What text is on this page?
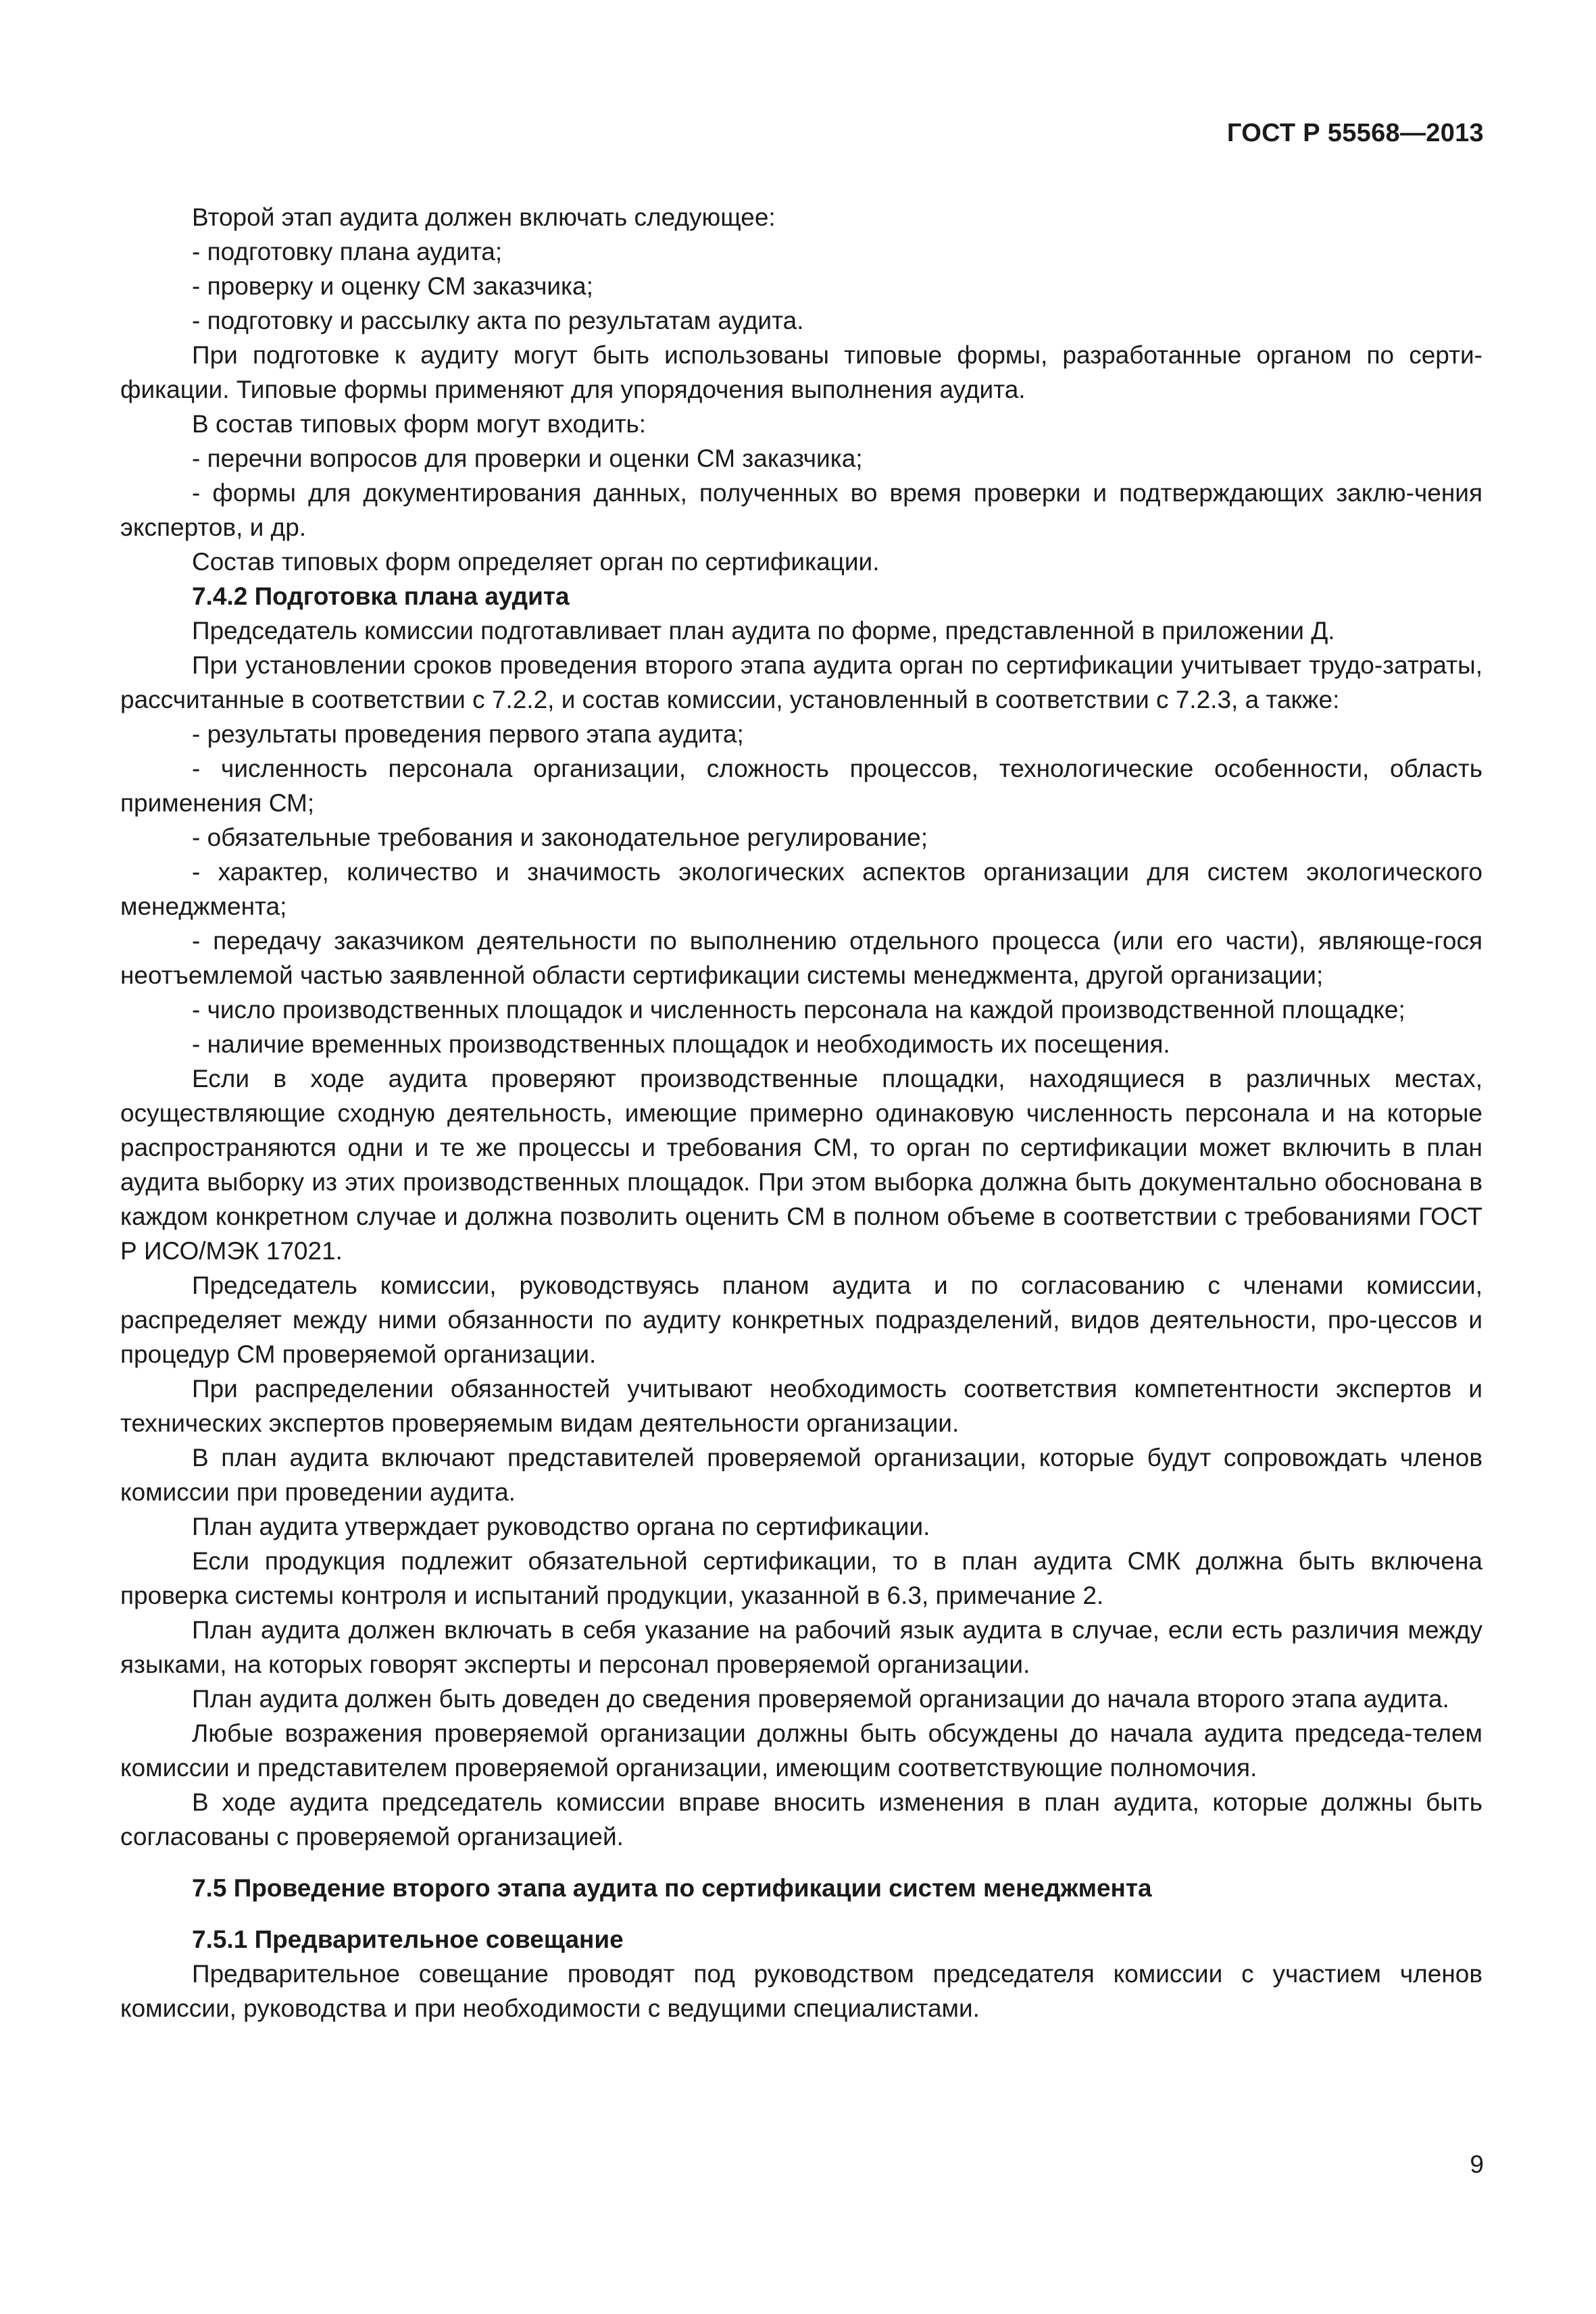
ГОСТ Р 55568—2013

Второй этап аудита должен включать следующее:

- подготовку плана аудита;

- проверку и оценку СМ заказчика;

- подготовку и рассылку акта по результатам аудита.

При подготовке к аудиту могут быть использованы типовые формы, разработанные органом по серти-фикации. Типовые формы применяют для упорядочения выполнения аудита.

В состав типовых форм могут входить:

- перечни вопросов для проверки и оценки СМ заказчика;

- формы для документирования данных, полученных во время проверки и подтверждающих заклю-чения экспертов, и др.

Состав типовых форм определяет орган по сертификации.

7.4.2 Подготовка плана аудита

Председатель комиссии подготавливает план аудита по форме, представленной в приложении Д.

При установлении сроков проведения второго этапа аудита орган по сертификации учитывает трудо-затраты, рассчитанные в соответствии с 7.2.2, и состав комиссии, установленный в соответствии с 7.2.3, а также:

- результаты проведения первого этапа аудита;

- численность персонала организации, сложность процессов, технологические особенности, область применения СМ;

- обязательные требования и законодательное регулирование;

- характер, количество и значимость экологических аспектов организации для систем экологического менеджмента;

- передачу заказчиком деятельности по выполнению отдельного процесса (или его части), являюще-гося неотъемлемой частью заявленной области сертификации системы менеджмента, другой организации;

- число производственных площадок и численность персонала на каждой производственной площадке;

- наличие временных производственных площадок и необходимость их посещения.

Если в ходе аудита проверяют производственные площадки, находящиеся в различных местах, осуществляющие сходную деятельность, имеющие примерно одинаковую численность персонала и на которые распространяются одни и те же процессы и требования СМ, то орган по сертификации может включить в план аудита выборку из этих производственных площадок. При этом выборка должна быть документально обоснована в каждом конкретном случае и должна позволить оценить СМ в полном объеме в соответствии с требованиями ГОСТ Р ИСО/МЭК 17021.

Председатель комиссии, руководствуясь планом аудита и по согласованию с членами комиссии, распределяет между ними обязанности по аудиту конкретных подразделений, видов деятельности, про-цессов и процедур СМ проверяемой организации.

При распределении обязанностей учитывают необходимость соответствия компетентности экспертов и технических экспертов проверяемым видам деятельности организации.

В план аудита включают представителей проверяемой организации, которые будут сопровождать членов комиссии при проведении аудита.

План аудита утверждает руководство органа по сертификации.

Если продукция подлежит обязательной сертификации, то в план аудита СМК должна быть включена проверка системы контроля и испытаний продукции, указанной в 6.3, примечание 2.

План аудита должен включать в себя указание на рабочий язык аудита в случае, если есть различия между языками, на которых говорят эксперты и персонал проверяемой организации.

План аудита должен быть доведен до сведения проверяемой организации до начала второго этапа аудита.

Любые возражения проверяемой организации должны быть обсуждены до начала аудита председа-телем комиссии и представителем проверяемой организации, имеющим соответствующие полномочия.

В ходе аудита председатель комиссии вправе вносить изменения в план аудита, которые должны быть согласованы с проверяемой организацией.

7.5 Проведение второго этапа аудита по сертификации систем менеджмента

7.5.1 Предварительное совещание

Предварительное совещание проводят под руководством председателя комиссии с участием членов комиссии, руководства и при необходимости с ведущими специалистами.

9
